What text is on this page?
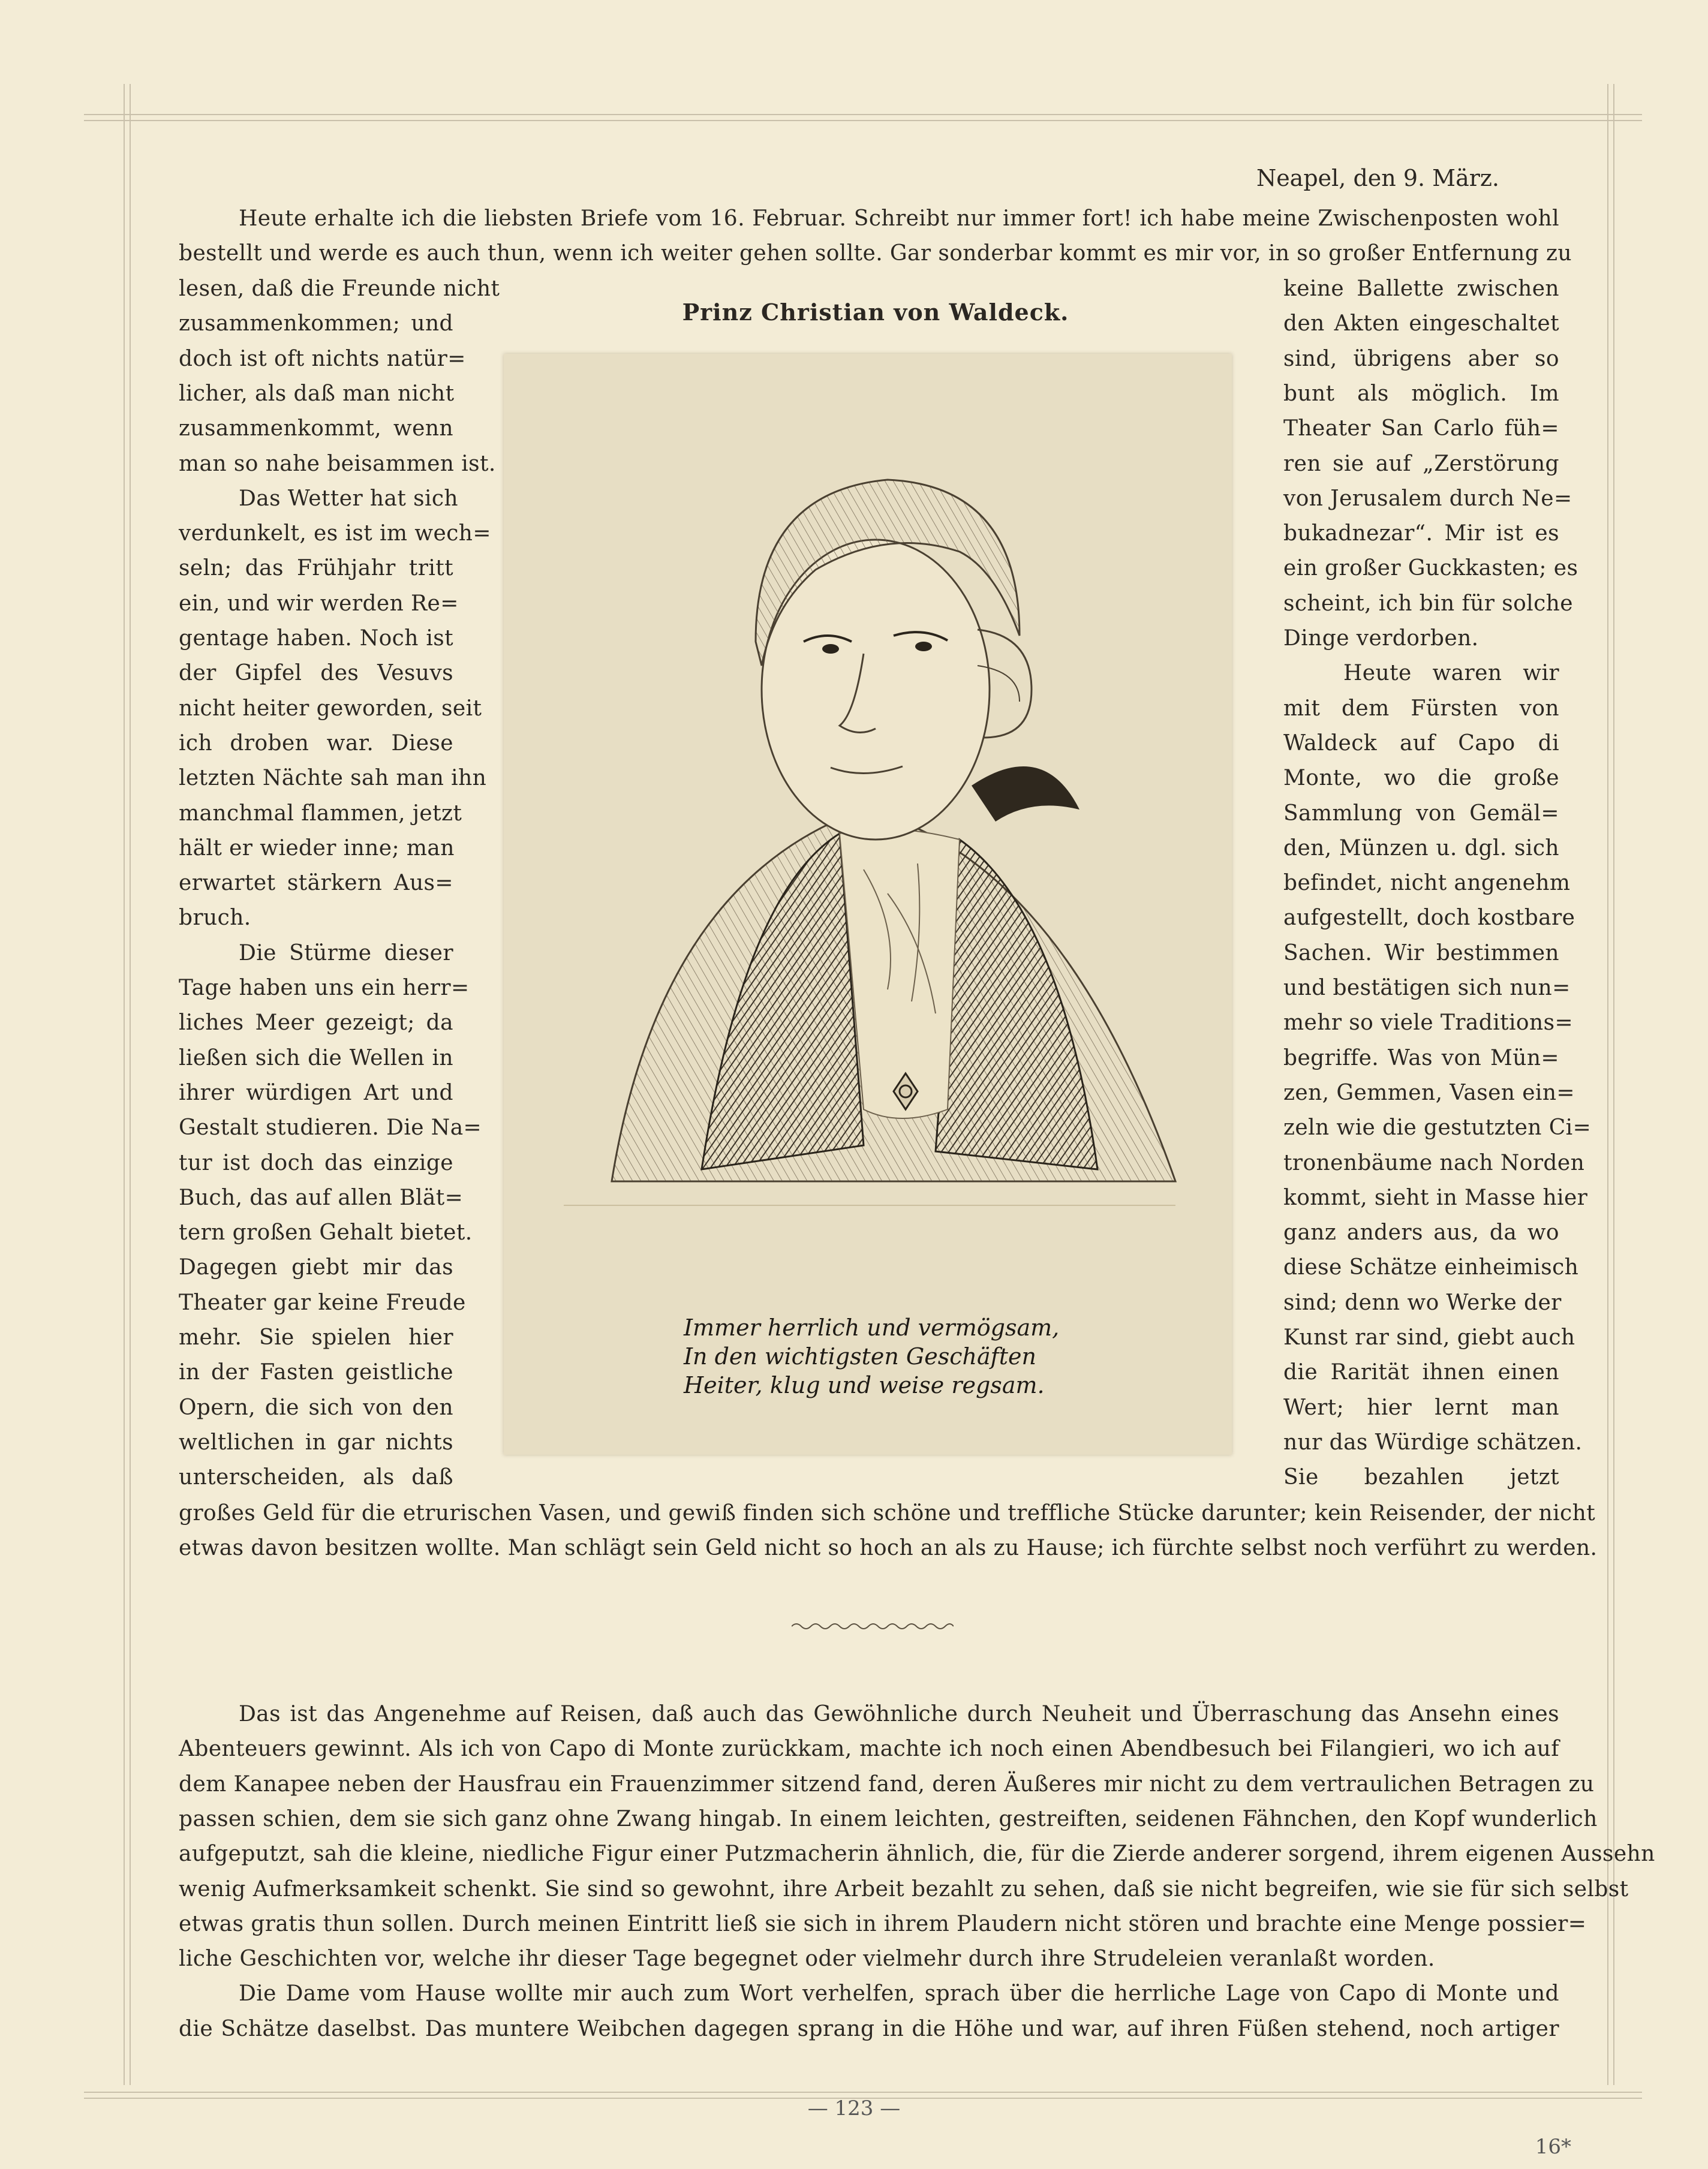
Neapel, den 9. März.
Heute erhalte ich die liebsten Briefe vom 16. Februar. Schreibt nur immer fort! ich habe meine Zwischenposten wohl
bestellt und werde es auch thun, wenn ich weiter gehen sollte. Gar sonderbar kommt es mir vor, in so großer Entfernung zu
lesen, daß die Freunde nicht
zusammenkommen; und
doch ist oft nichts natür=
licher, als daß man nicht
zusammenkommt, wenn
man so nahe beisammen ist.
Das Wetter hat sich
verdunkelt, es ist im wech=
seln; das Frühjahr tritt
ein, und wir werden Re=
gentage haben. Noch ist
der Gipfel des Vesuvs
nicht heiter geworden, seit
ich droben war. Diese
letzten Nächte sah man ihn
manchmal flammen, jetzt
hält er wieder inne; man
erwartet stärkern Aus=
bruch.
Die Stürme dieser
Tage haben uns ein herr=
liches Meer gezeigt; da
ließen sich die Wellen in
ihrer würdigen Art und
Gestalt studieren. Die Na=
tur ist doch das einzige
Buch, das auf allen Blät=
tern großen Gehalt bietet.
Dagegen giebt mir das
Theater gar keine Freude
mehr. Sie spielen hier
in der Fasten geistliche
Opern, die sich von den
weltlichen in gar nichts
unterscheiden, als daß
keine Ballette zwischen
den Akten eingeschaltet
sind, übrigens aber so
bunt als möglich. Im
Theater San Carlo füh=
ren sie auf „Zerstörung
von Jerusalem durch Ne=
bukadnezar“. Mir ist es
ein großer Guckkasten; es
scheint, ich bin für solche
Dinge verdorben.
Heute waren wir
mit dem Fürsten von
Waldeck auf Capo di
Monte, wo die große
Sammlung von Gemäl=
den, Münzen u. dgl. sich
befindet, nicht angenehm
aufgestellt, doch kostbare
Sachen. Wir bestimmen
und bestätigen sich nun=
mehr so viele Traditions=
begriffe. Was von Mün=
zen, Gemmen, Vasen ein=
zeln wie die gestutzten Ci=
tronenbäume nach Norden
kommt, sieht in Masse hier
ganz anders aus, da wo
diese Schätze einheimisch
sind; denn wo Werke der
Kunst rar sind, giebt auch
die Rarität ihnen einen
Wert; hier lernt man
nur das Würdige schätzen.
Sie bezahlen jetzt
großes Geld für die etrurischen Vasen, und gewiß finden sich schöne und treffliche Stücke darunter; kein Reisender, der nicht
etwas davon besitzen wollte. Man schlägt sein Geld nicht so hoch an als zu Hause; ich fürchte selbst noch verführt zu werden.
Prinz Christian von Waldeck.
Immer herrlich und vermögsam,
In den wichtigsten Geschäften
Heiter, klug und weise regsam.
Das ist das Angenehme auf Reisen, daß auch das Gewöhnliche durch Neuheit und Überraschung das Ansehn eines
Abenteuers gewinnt. Als ich von Capo di Monte zurückkam, machte ich noch einen Abendbesuch bei Filangieri, wo ich auf
dem Kanapee neben der Hausfrau ein Frauenzimmer sitzend fand, deren Äußeres mir nicht zu dem vertraulichen Betragen zu
passen schien, dem sie sich ganz ohne Zwang hingab. In einem leichten, gestreiften, seidenen Fähnchen, den Kopf wunderlich
aufgeputzt, sah die kleine, niedliche Figur einer Putzmacherin ähnlich, die, für die Zierde anderer sorgend, ihrem eigenen Aussehn
wenig Aufmerksamkeit schenkt. Sie sind so gewohnt, ihre Arbeit bezahlt zu sehen, daß sie nicht begreifen, wie sie für sich selbst
etwas gratis thun sollen. Durch meinen Eintritt ließ sie sich in ihrem Plaudern nicht stören und brachte eine Menge possier=
liche Geschichten vor, welche ihr dieser Tage begegnet oder vielmehr durch ihre Strudeleien veranlaßt worden.
Die Dame vom Hause wollte mir auch zum Wort verhelfen, sprach über die herrliche Lage von Capo di Monte und
die Schätze daselbst. Das muntere Weibchen dagegen sprang in die Höhe und war, auf ihren Füßen stehend, noch artiger
— 123 —
16*
